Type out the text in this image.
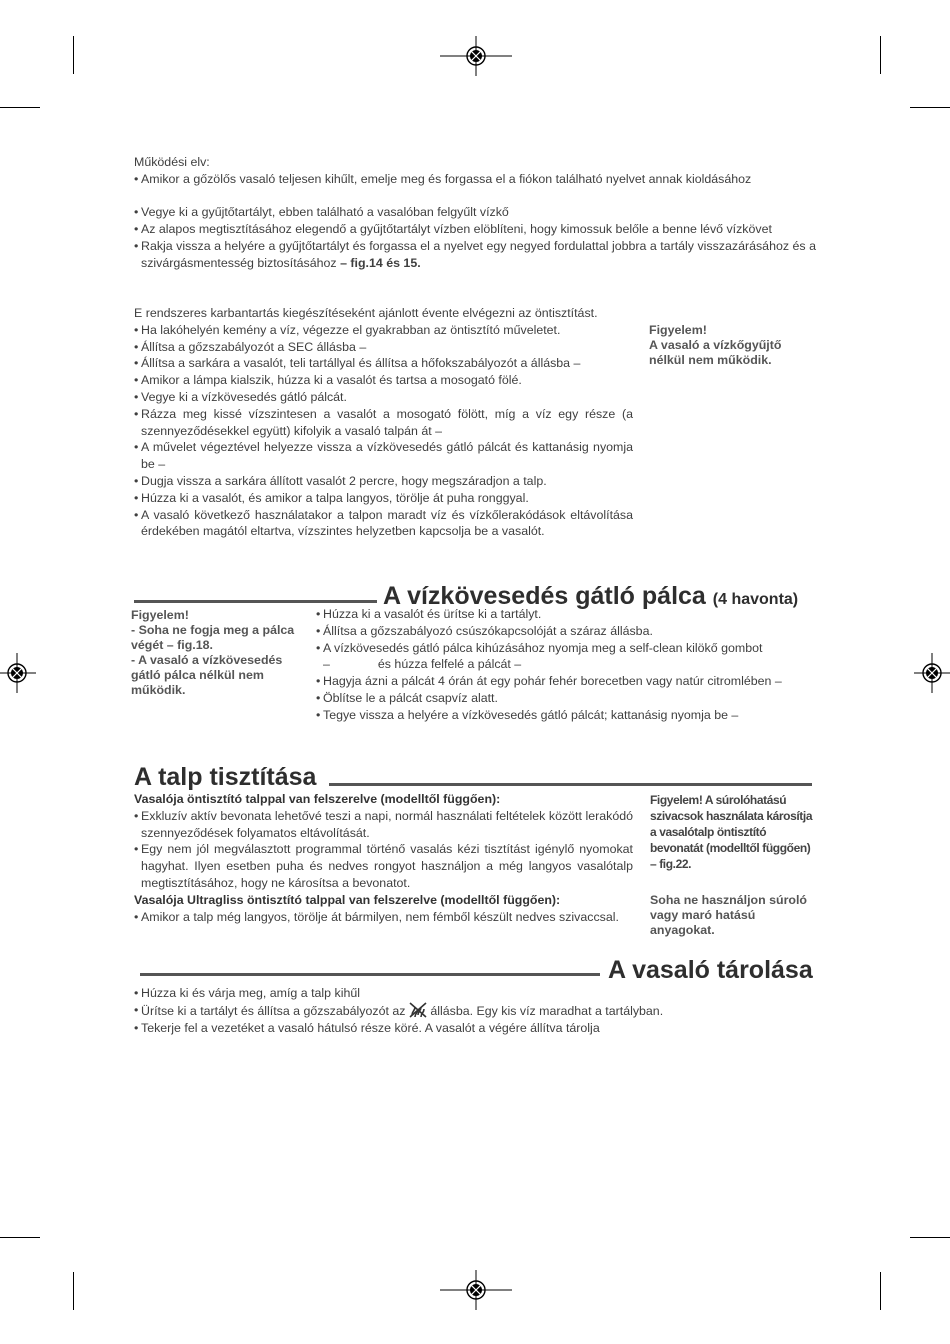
Működési elv:
• Amikor a gőzölős vasaló teljesen kihűlt, emelje meg és forgassa el a fiókon található nyelvet annak kioldásához
• Vegye ki a gyűjtőtartályt, ebben található a vasalóban felgyűlt vízkő
• Az alapos megtisztításához elegendő a gyűjtőtartályt vízben elöblíteni, hogy kimossuk belőle a benne lévő vízkövet
• Rakja vissza a helyére a gyűjtőtartályt és forgassa el a nyelvet egy negyed fordulattal jobbra a tartály visszazárásához és a szivárgásmentesség biztosításához – fig.14 és 15.
E rendszeres karbantartás kiegészítéseként ajánlott évente elvégezni az öntisztítást.
• Ha lakóhelyén kemény a víz, végezze el gyakrabban az öntisztító műveletet.
• Állítsa a gőzszabályozót a SEC állásba –
• Állítsa a sarkára a vasalót, teli tartállyal és állítsa a hőfokszabályozót a állásba –
• Amikor a lámpa kialszik, húzza ki a vasalót és tartsa a mosogató fölé.
• Vegye ki a vízkövesedés gátló pálcát.
• Rázza meg kissé vízszintesen a vasalót a mosogató fölött, míg a víz egy része (a szennyeződésekkel együtt) kifolyik a vasaló talpán át –
• A művelet végeztével helyezze vissza a vízkövesedés gátló pálcát és kattanásig nyomja be –
• Dugja vissza a sarkára állított vasalót 2 percre, hogy megszáradjon a talp.
• Húzza ki a vasalót, és amikor a talpa langyos, törölje át puha ronggyal.
• A vasaló következő használatakor a talpon maradt víz és vízkőlerakódások eltávolítása érdekében magától eltartva, vízszintes helyzetben kapcsolja be a vasalót.
Figyelem!
A vasaló a vízkőgyűjtő nélkül nem működik.
A vízkövesedés gátló pálca (4 havonta)
Figyelem!
- Soha ne fogja meg a pálca végét – fig.18.
- A vasaló a vízkövesedés gátló pálca nélkül nem működik.
• Húzza ki a vasalót és ürítse ki a tartályt.
• Állítsa a gőzszabályozó csúszókapcsolóját a száraz állásba.
• A vízkövesedés gátló pálca kihúzásához nyomja meg a self-clean kilökő gombot
–	és húzza felfelé a pálcát –
• Hagyja ázni a pálcát 4 órán át egy pohár fehér borecetben vagy natúr citromlében –
• Öblítse le a pálcát csapvíz alatt.
• Tegyе vissza a helyére a vízkövesedés gátló pálcát; kattanásig nyomja be –
A talp tisztítása
Vasalója öntisztító talppal van felszerelve (modelltől függően):
• Exkluzív aktív bevonata lehetővé teszi a napi, normál használati feltételek között lerakódó szennyeződések folyamatos eltávolítását.
• Egy nem jól megválasztott programmal történő vasalás kézi tisztítást igénylő nyomokat hagyhat. Ilyen esetben puha és nedves rongyot használjon a még langyos vasalótalp megtisztításához, hogy ne károsítsa a bevonatot.
Vasalója Ultragliss öntisztító talppal van felszerelve (modelltől függően):
• Amikor a talp még langyos, törölje át bármilyen, nem fémből készült nedves szivaccsal.
Figyelem! A súrolóhatású szivacsok használata károsítja a vasalótalp öntisztító bevonatát (modelltől függően) – fig.22.
Soha ne használjon súroló vagy maró hatású anyagokat.
A vasaló tárolása
• Húzza ki és várja meg, amíg a talp kihűl
• Ürítse ki a tartályt és állítsa a gőzszabályozót az állásba. Egy kis víz maradhat a tartályban.
• Tekerje fel a vezetéket a vasaló hátulsó része köré. A vasalót a végére állítva tárolja
